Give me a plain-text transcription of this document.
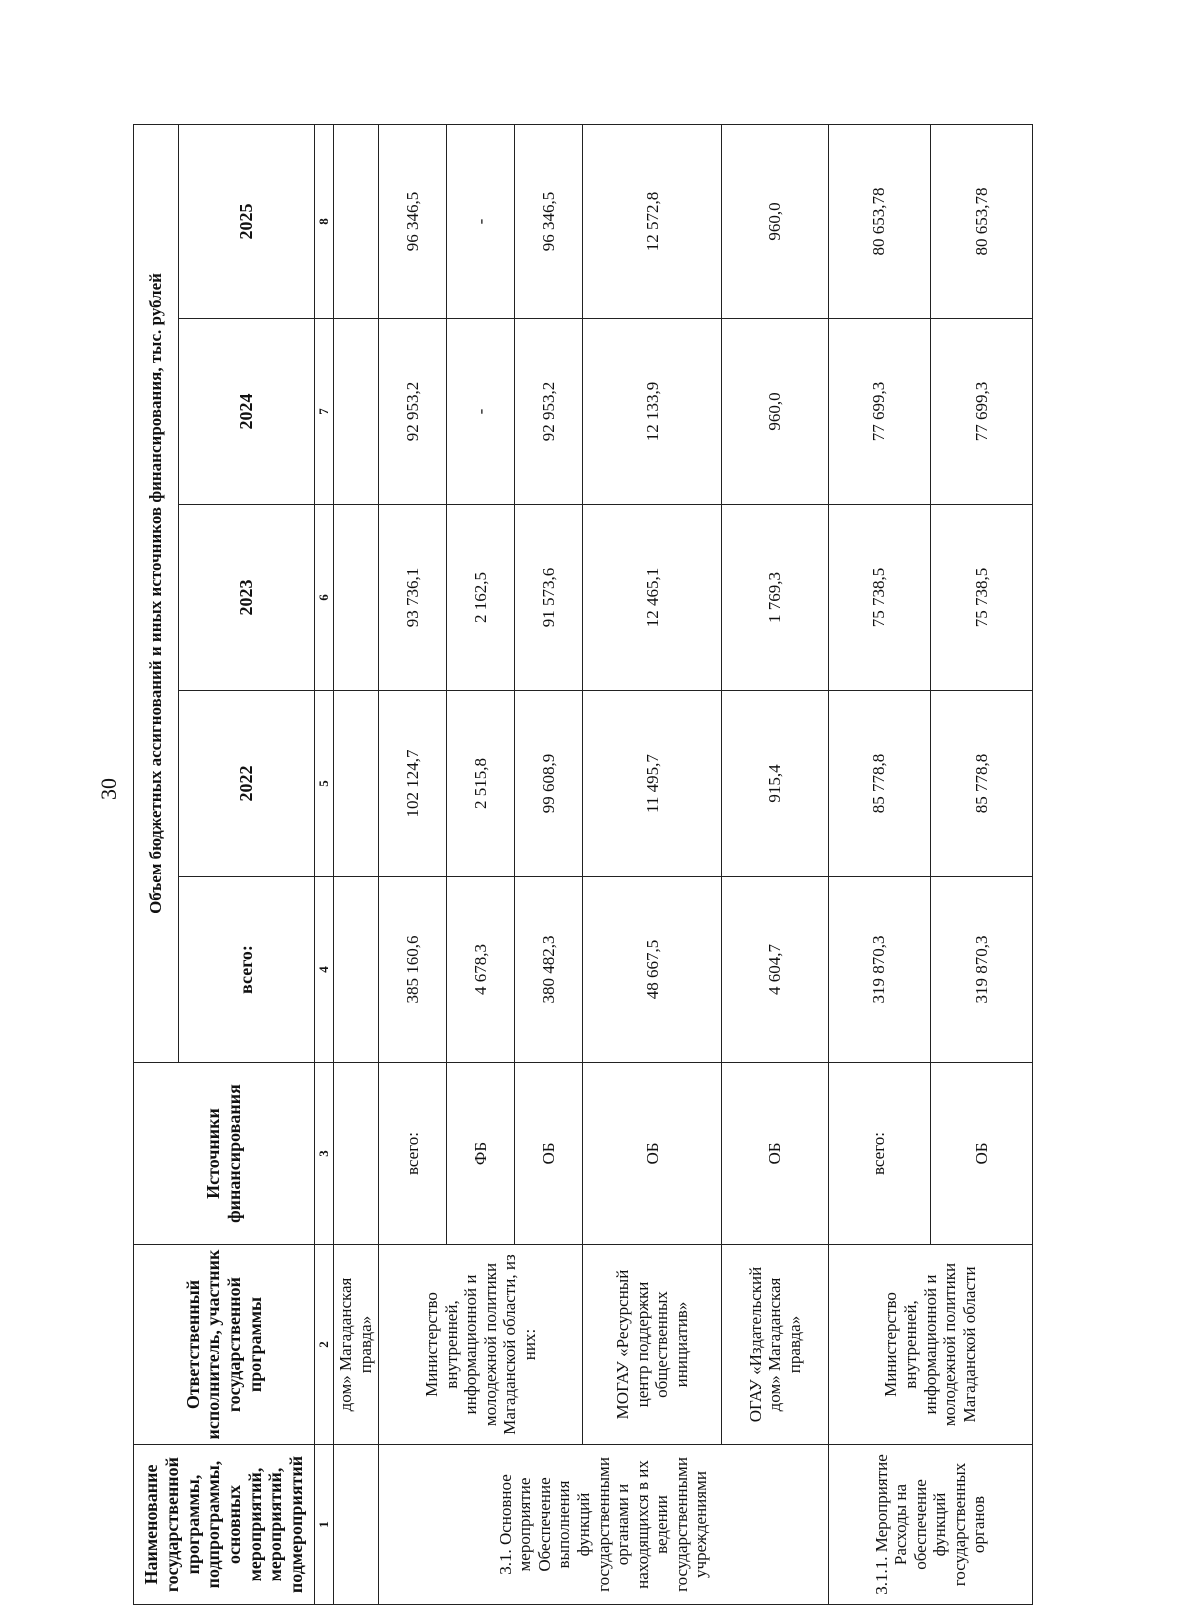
30
Наименование государственной программы, подпрограммы, основных мероприятий, мероприятий, подмероприятий	Ответственный исполнитель, участник государственной программы	Источники финансирования	Объем бюджетных ассигнований и иных источников финансирования, тыс. рублей				
			всего:	2022	2023	2024	2025
1	2	3	4	5	6	7	8
	дом» Магаданская правда»						
3.1. Основное мероприятие Обеспечение выполнения функций государственными органами и находящихся в их ведении государственными учреждениями	Министерство внутренней, информационной и молодежной политики Магаданской области, из них:	всего:	385 160,6	102 124,7	93 736,1	92 953,2	96 346,5
		ФБ	4 678,3	2 515,8	2 162,5	-	-
		ОБ	380 482,3	99 608,9	91 573,6	92 953,2	96 346,5
	МОГАУ «Ресурсный центр поддержки общественных инициатив»	ОБ	48 667,5	11 495,7	12 465,1	12 133,9	12 572,8
	ОГАУ «Издательский дом» Магаданская правда»	ОБ	4 604,7	915,4	1 769,3	960,0	960,0
3.1.1. Мероприятие Расходы на обеспечение функций государственных органов	Министерство внутренней, информационной и молодежной политики Магаданской области	всего:	319 870,3	85 778,8	75 738,5	77 699,3	80 653,78
		ОБ	319 870,3	85 778,8	75 738,5	77 699,3	80 653,78
